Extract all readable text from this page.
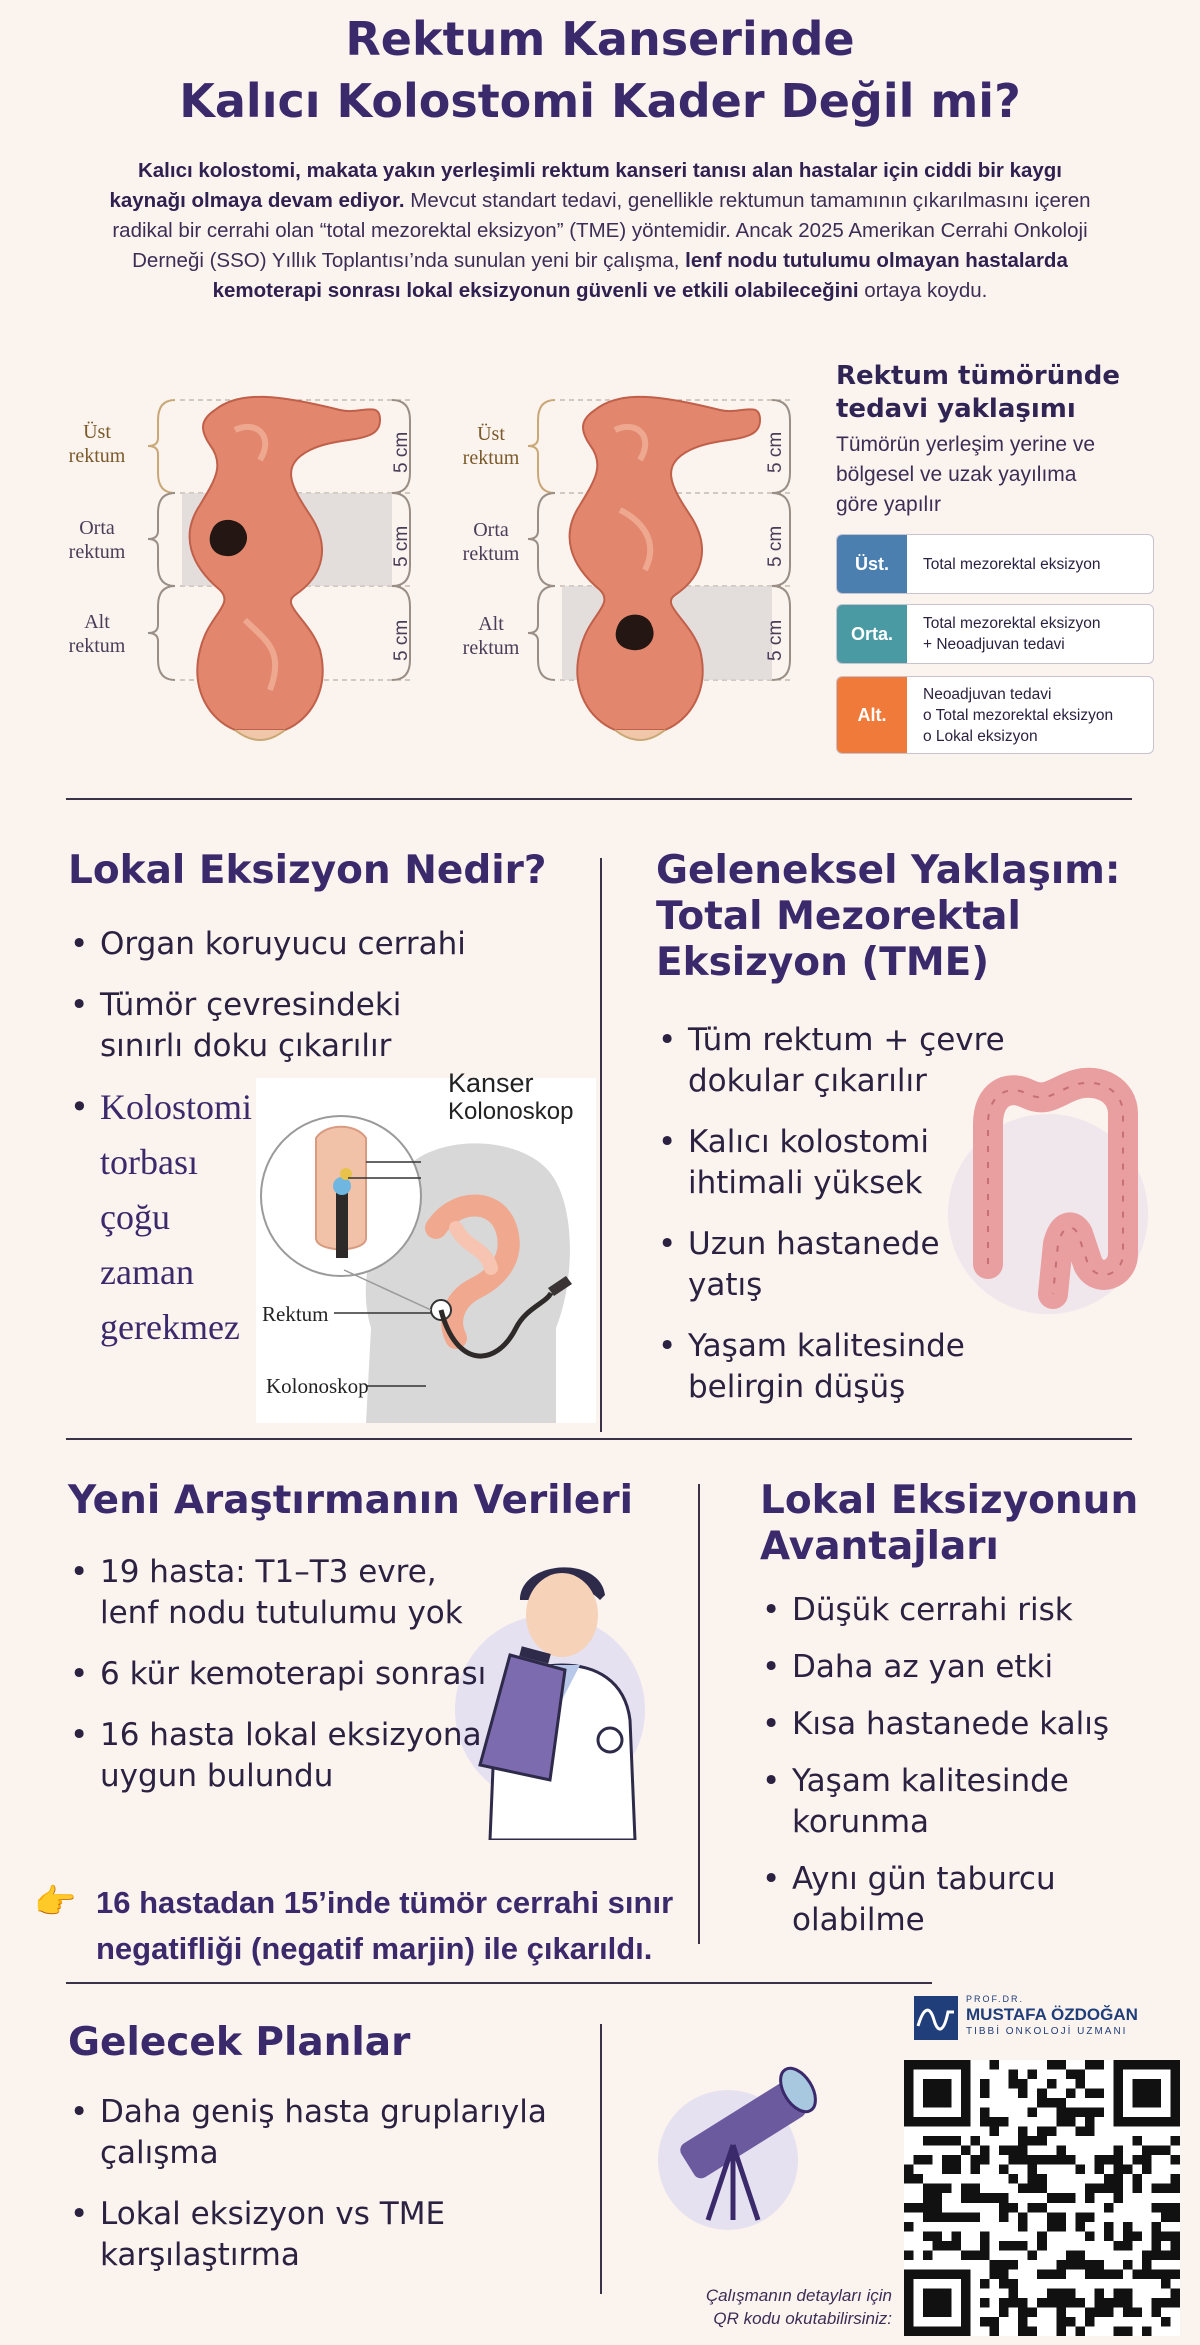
Rektum Kanserinde
Kalıcı Kolostomi Kader Değil mi?
Kalıcı kolostomi, makata yakın yerleşimli rektum kanseri tanısı alan hastalar için ciddi bir kaygı kaynağı olmaya devam ediyor. Mevcut standart tedavi, genellikle rektumun tamamının çıkarılmasını içeren radikal bir cerrahi olan “total mezorektal eksizyon” (TME) yöntemidir. Ancak 2025 Amerikan Cerrahi Onkoloji Derneği (SSO) Yıllık Toplantısı’nda sunulan yeni bir çalışma, lenf nodu tutulumu olmayan hastalarda kemoterapi sonrası lokal eksizyonun güvenli ve etkili olabileceğini ortaya koydu.
Üst
rektum
Orta
rektum
Alt
rektum
5 cm
5 cm
5 cm
Üst
rektum
Orta
rektum
Alt
rektum
5 cm
5 cm
5 cm
Rektum tümöründe
tedavi yaklaşımı
Tümörün yerleşim yerine ve
bölgesel ve uzak yayılıma
göre yapılır
Üst.	Total mezorektal eksizyon
Orta.	Total mezorektal eksizyon
+ Neoadjuvan tedavi
Alt.
Neoadjuvan tedavi
o Total mezorektal eksizyon
o Lokal eksizyon
Lokal Eksizyon Nedir?
• Organ koruyucu cerrahi
• Tümör çevresindeki sınırlı doku çıkarılır
Kolostomi
torbası
çoğu
zaman
gerekmez
•
Kanser
Kolonoskop
Rektum
Kolonoskop
Geleneksel Yaklaşım:
Total Mezorektal
Eksizyon (TME)
• Tüm rektum + çevre dokular çıkarılır
• Kalıcı kolostomi ihtimali yüksek
• Uzun hastanede yatış
• Yaşam kalitesinde belirgin düşüş
Yeni Araştırmanın Verileri
• 19 hasta: T1–T3 evre, lenf nodu tutulumu yok
• 6 kür kemoterapi sonrası
• 16 hasta lokal eksizyona uygun bulundu
👉 16 hastadan 15’inde tümör cerrahi sınır
negatifliği (negatif marjin) ile çıkarıldı.
Lokal Eksizyonun
Avantajları
• Düşük cerrahi risk
• Daha az yan etki
• Kısa hastanede kalış
• Yaşam kalitesinde korunma
• Aynı gün taburcu olabilme
Gelecek Planlar
• Daha geniş hasta gruplarıyla çalışma
• Lokal eksizyon vs TME karşılaştırma
PROF.DR.
MUSTAFA ÖZDOĞAN
TIBBİ ONKOLOJİ UZMANI
Çalışmanın detayları için
QR kodu okutabilirsiniz:
